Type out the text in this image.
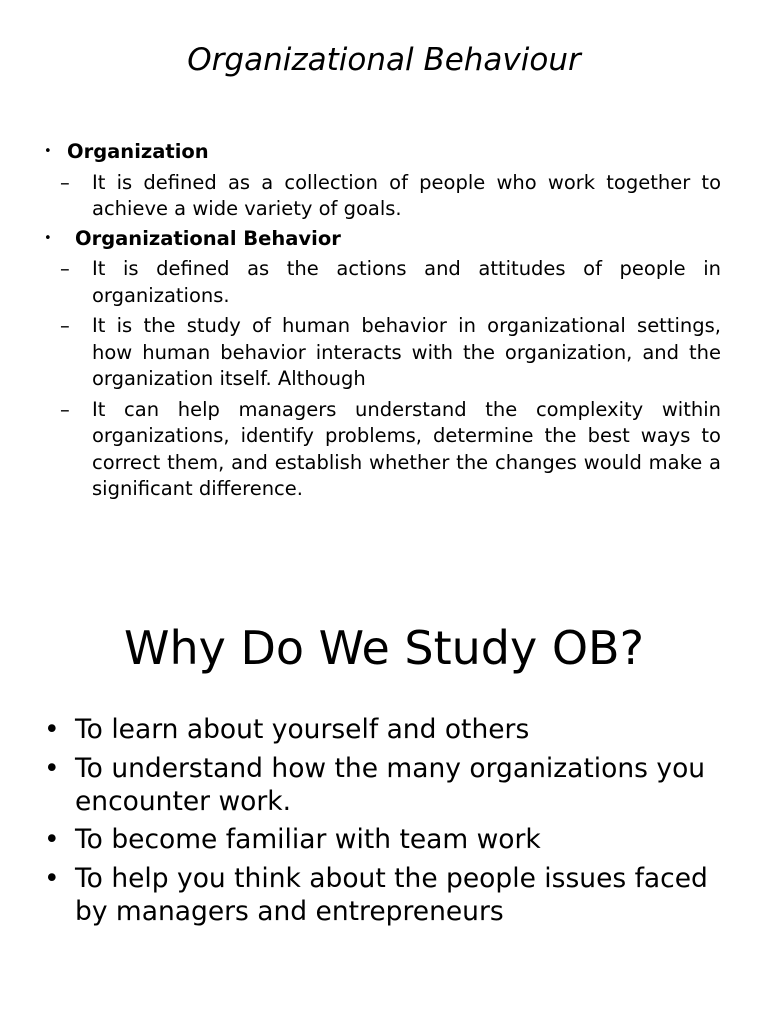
Organizational Behaviour
• Organization
– It is defined as a collection of people who work together to achieve a wide variety of goals.
• Organizational Behavior
– It is defined as the actions and attitudes of people in organizations.
– It is the study of human behavior in organizational settings, how human behavior interacts with the organization, and the organization itself. Although
– It can help managers understand the complexity within organizations, identify problems, determine the best ways to correct them, and establish whether the changes would make a significant difference.
Why Do We Study OB?
• To learn about yourself and others
• To understand how the many organizations you encounter work.
• To become familiar with team work
• To help you think about the people issues faced by managers and entrepreneurs
